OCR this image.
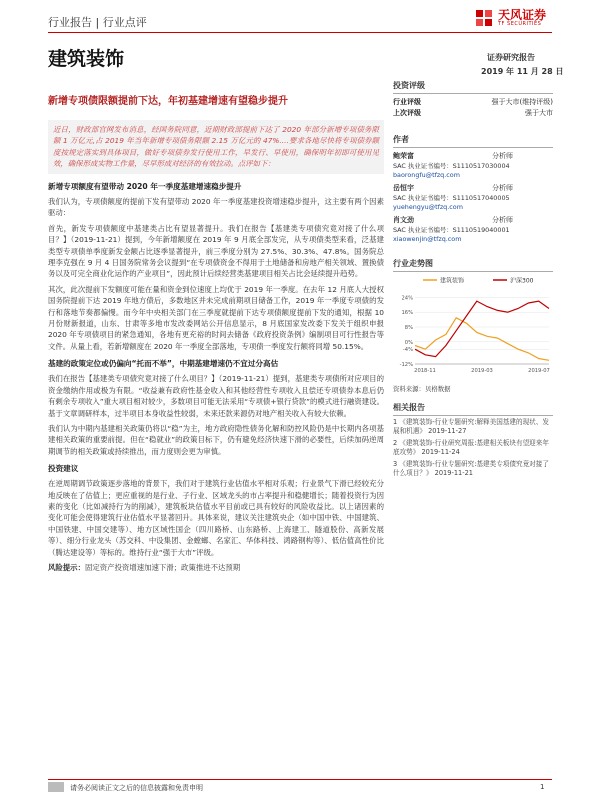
行业报告 | 行业点评
天风证券
TF SECURITIES
建筑装饰	证券研究报告
2019 年 11 月 28 日
新增专项债限额提前下达，年初基建增速有望稳步提升
近日，财政部官网发布消息，经国务院同意，近期财政部提前下达了 2020 年部分新增专项债务限额 1 万亿元,占 2019 年当年新增专项债务限额 2.15 万亿元的 47%....要求各地尽快将专项债券额度按规定落实到具体项目，做好专项债券发行使用工作，早发行、早使用，确保明年初即可使用见效，确保形成实物工作量，尽早形成对经济的有效拉动。点评如下：
新增专项额度有望带动 2020 年一季度基建增速稳步提升
我们认为，专项债额度的提前下发有望带动 2020 年一季度基建投资增速稳步提升，这主要有两个因素驱动：
首先，新发专项债额度中基建类占比有望显著提升。我们在报告【基建类专项债究竟对接了什么项目？】（2019-11-21）提到，今年新增额度在 2019 年 9 月底全部发完，从专项债类型来看，泛基建类型专项债单季度新发金额占比逐季显著提升，前三季度分别为 27.5%、30.3%、47.8%。国务院总理李克强在 9 月 4 日国务院常务会议提到“在专项债资金不得用于土地储备和房地产相关领域、置换债务以及可完全商业化运作的产业项目”，因此预计后续经营类基建项目相关占比会延续提升趋势。
其次，此次提前下发额度可能在量和资金到位速度上均优于 2019 年一季度。在去年 12 月底人大授权国务院提前下达 2019 年地方债后，多数地区并未完成前期项目储备工作，2019 年一季度专项债的发行和落地节奏都偏慢。而今年中央相关部门在三季度就提前下达专项债额度提前下发的通知，根据 10 月份财新报道，山东、甘肃等多地市发改委网站公开信息显示，8 月底国家发改委下发关于组织申报 2020 年专项债项目的紧急通知，各地有更充裕的时间去储备《政府投资条例》编制项目可行性报告等文件。从量上看，若新增额度在 2020 年一季度全部落地，专项债一季度发行额将同增 50.15%。
基建的政策定位或仍偏向“托而不举”，中期基建增速仍不宜过分高估
我们在报告【基建类专项债究竟对接了什么项目？】（2019-11-21）提到，基建类专项债所对应项目的资金缴纳作用或极为有限。“收益兼有政府性基金收入和其他经营性专项收入且偿还专项债券本息后仍有剩余专项收入”重大项目相对较少，多数项目可能无法采用“专项债+银行贷款”的模式进行融资建设。基于文章调研样本，过半项目本身收益性较弱，未来还款来源仍对地产相关收入有较大依赖。
我们认为中期内基建相关政策仍将以“稳”为主，地方政府隐性债务化解和防控风险仍是中长期内各项基建相关政策的重要前提。但在“稳就业”的政策目标下，仍有避免经济快速下滑的必要性，后续加码逆周期调节的相关政策或持续推出，而力度则会更为审慎。
投资建议
在逆周期调节政策逐步落地的背景下，我们对于建筑行业估值水平相对乐观；行业景气下滑已经较充分地反映在了估值上；更应重视的是行业、子行业、区域龙头的市占率提升和稳健增长；随着投资行为因素的变化（比如减持行为的削减），建筑板块估值水平目前或已具有较好的风险收益比。以上诸因素的变化可能会使得建筑行业估值水平显著回升。具体来说，建议关注建筑央企（如中国中铁、中国建筑、中国铁建、中国交建等）、地方区域性国企（四川路桥、山东路桥、上海建工、隧道股份、高新发展等）、细分行业龙头（苏交科、中设集团、金螳螂、名家汇、华体科技、鸿路钢构等）、低估值高性价比（腾达建设等）等标的。维持行业“强于大市”评级。
风险提示：固定资产投资增速加速下滑；政策推进不达预期
投资评级
行业评级	强于大市(维持评级)
上次评级	强于大市
作者
鲍荣富	分析师
SAC 执业证书编号：S1110517030004
baorongfu@tfzq.com
岳恒宇	分析师
SAC 执业证书编号：S1110517040005
yuehengyu@tfzq.com
肖文劲	分析师
SAC 执业证书编号：S1110519040001
xiaowenjin@tfzq.com
行业走势图
建筑装饰	沪深300
24%
16%
8%
0%
-4%
-12%
2018-11	2019-03	2019-07
资料来源：贝格数据
相关报告
1 《建筑装饰-行业专题研究:解释美国基建的现状、发展和机遇》 2019-11-27
2 《建筑装饰-行业研究周报:基建相关板块有望迎来年底攻势》 2019-11-24
3 《建筑装饰-行业专题研究:基建类专项债究竟对接了什么项目？》 2019-11-21
请务必阅读正文之后的信息披露和免责申明	1
